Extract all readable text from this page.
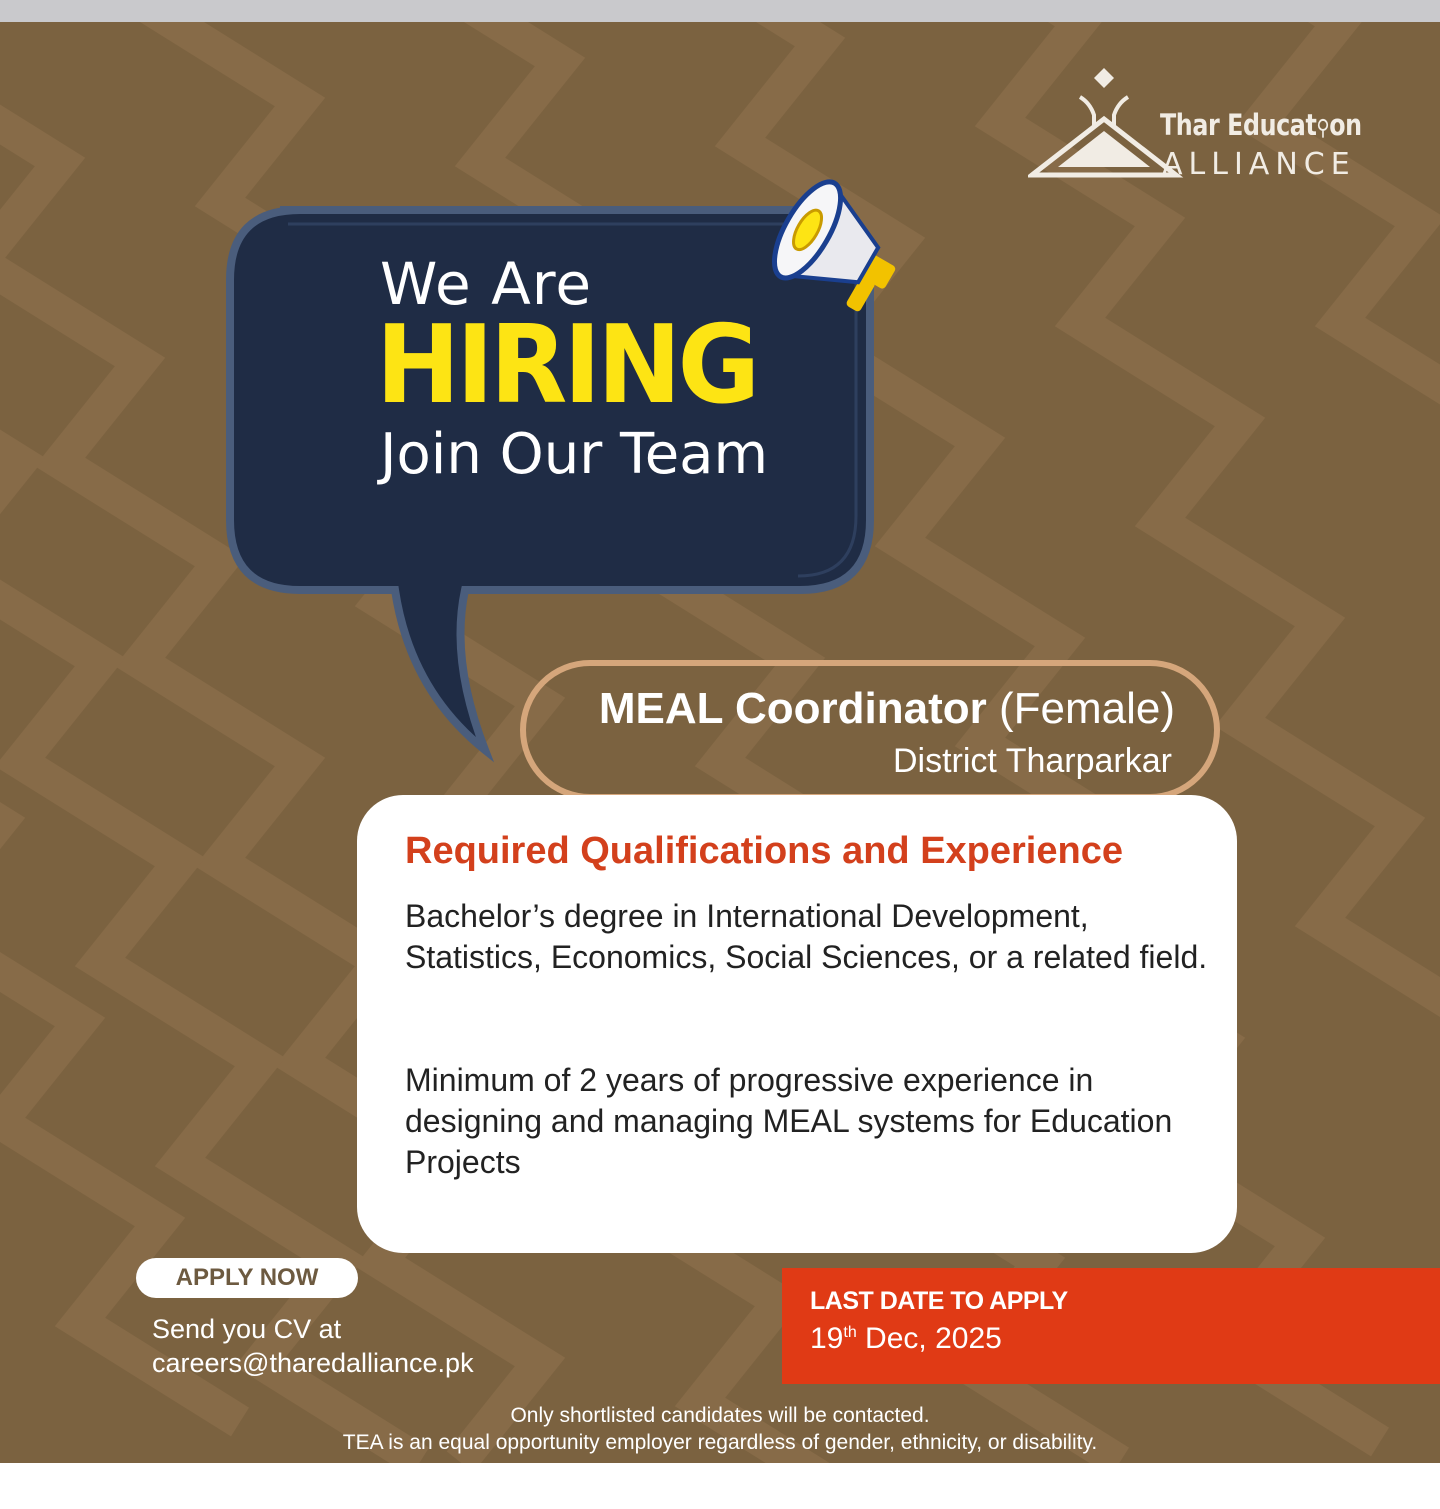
Thar Educat⚲on
ALLIANCE
We Are
HIRING
Join Our Team
MEAL Coordinator (Female)
District Tharparkar
Required Qualifications and Experience

Bachelor’s degree in International Development, Statistics, Economics, Social Sciences, or a related field.

Minimum of 2 years of progressive experience in designing and managing MEAL systems for Education Projects

APPLY NOW
Send you CV at
careers@tharedalliance.pk
LAST DATE TO APPLY
19th Dec, 2025
Only shortlisted candidates will be contacted.
TEA is an equal opportunity employer regardless of gender, ethnicity, or disability.
